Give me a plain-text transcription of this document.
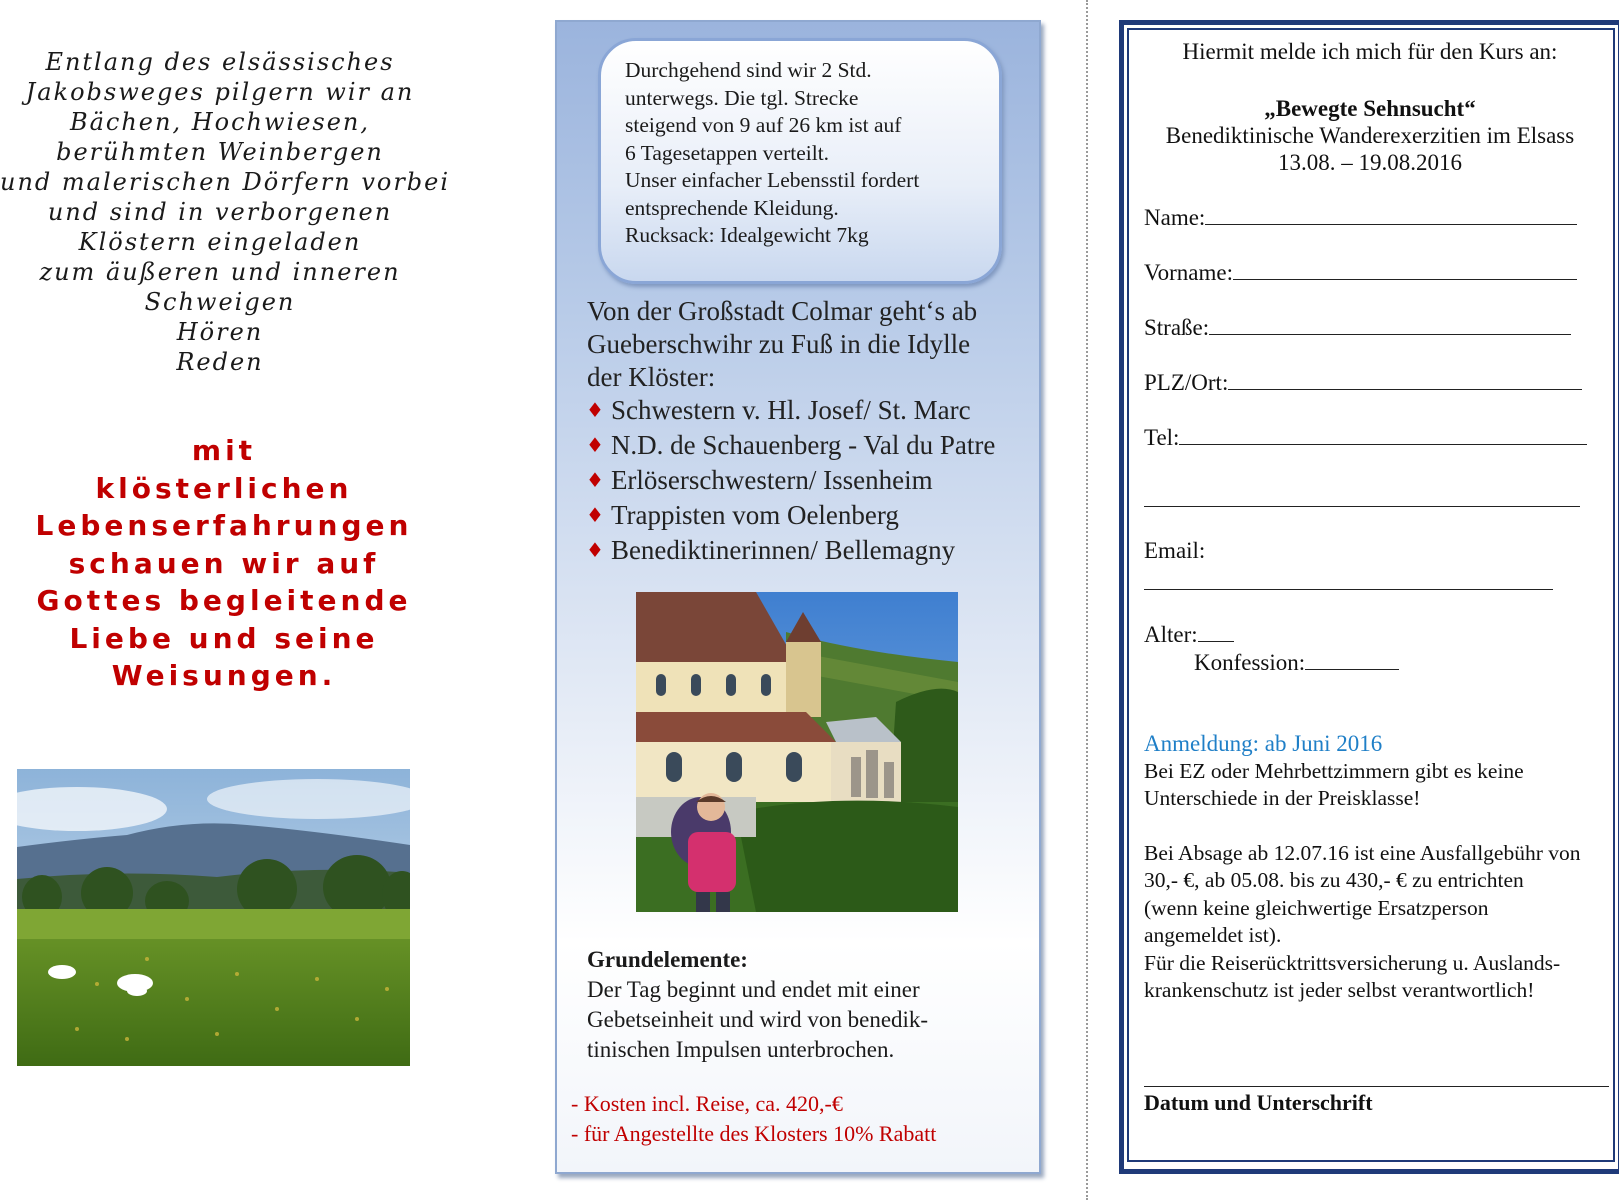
Entlang des elsässisches
Jakobsweges pilgern wir an
Bächen, Hochwiesen,
berühmten Weinbergen
und malerischen Dörfern vorbei
und sind in verborgenen
Klöstern eingeladen
zum äußeren und inneren
Schweigen
Hören
Reden
mit
klösterlichen
Lebenserfahrungen
schauen wir auf
Gottes begleitende
Liebe und seine
Weisungen.
Durchgehend sind wir 2 Std.
unterwegs. Die tgl. Strecke
steigend von 9 auf 26 km ist auf
6 Tagesetappen verteilt.
Unser einfacher Lebensstil fordert
entsprechende Kleidung.
Rucksack: Idealgewicht 7kg
Von der Großstadt Colmar geht‘s ab
Gueberschwihr zu Fuß in die Idylle
der Klöster:
♦ Schwestern v. Hl. Josef/ St. Marc
♦ N.D. de Schauenberg - Val du Patre
♦ Erlöserschwestern/ Issenheim
♦ Trappisten vom Oelenberg
♦ Benediktinerinnen/ Bellemagny
Grundelemente:
Der Tag beginnt und endet mit einer
Gebetseinheit und wird von benedik-
tinischen Impulsen unterbrochen.
- Kosten incl. Reise, ca. 420,-€
- für Angestellte des Klosters 10% Rabatt
Hiermit melde ich mich für den Kurs an:
„Bewegte Sehnsucht“
Benediktinische Wanderexerzitien im Elsass
13.08. – 19.08.2016
Name:
Vorname:
Straße:
PLZ/Ort:
Tel:
Email:
Alter:
Konfession:
Anmeldung: ab Juni 2016
Bei EZ oder Mehrbettzimmern gibt es keine
Unterschiede in der Preisklasse!
Bei Absage ab 12.07.16 ist eine Ausfallgebühr von
30,- €, ab 05.08. bis zu 430,- € zu entrichten
(wenn keine gleichwertige Ersatzperson
angemeldet ist).
Für die Reiserücktrittsversicherung u. Auslands-
krankenschutz ist jeder selbst verantwortlich!
Datum und Unterschrift
